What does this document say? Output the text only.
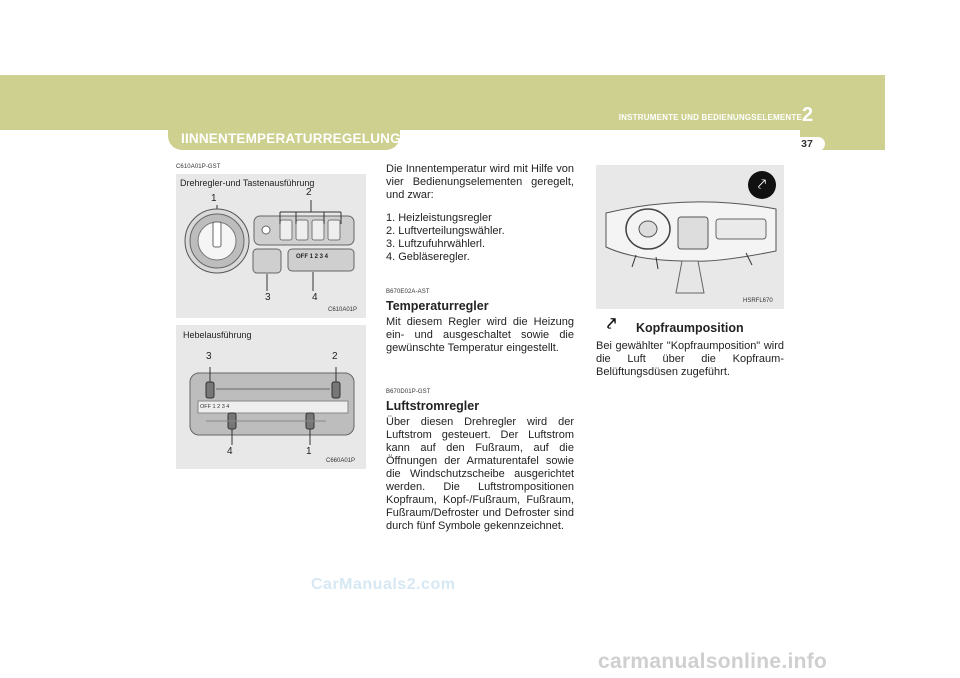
INSTRUMENTE UND BEDIENUNGSELEMENTE 2
37
IINNENTEMPERATURREGELUNG
C610A01P-GST
Drehregler-und Tastenausführung
1
2
3	4
OFF 1 2 3 4
C610A01P
Hebelausführung
3	2
4	1
OFF 1 2 3 4
C660A01P

Die Innentemperatur wird mit Hilfe von vier Bedienungselementen geregelt, und zwar:

1. Heizleistungsregler
2. Luftverteilungswähler.
3. Luftzufuhrwählerl.
4. Gebläseregler.
B670E02A-AST
Temperaturregler

Mit diesem Regler wird die Heizung ein- und ausgeschaltet sowie die gewünschte Temperatur eingestellt.

B670D01P-GST
Luftstromregler

Über diesen Drehregler wird der Luftstrom gesteuert. Der Luftstrom kann auf den Fußraum, auf die Öffnungen der Armaturentafel sowie die Windschutzscheibe ausgerichtet werden. Die Luftstrompositionen Kopfraum, Kopf-/Fußraum, Fußraum, Fußraum/Defroster und Defroster sind durch fünf Symbole gekennzeichnet.

⤤
HSRFL670
⤤ Kopfraumposition
Bei gewählter "Kopfraumposition" wird die Luft über die Kopfraum-Belüftungsdüsen zugeführt.
CarManuals2.com
carmanualsonline.info
